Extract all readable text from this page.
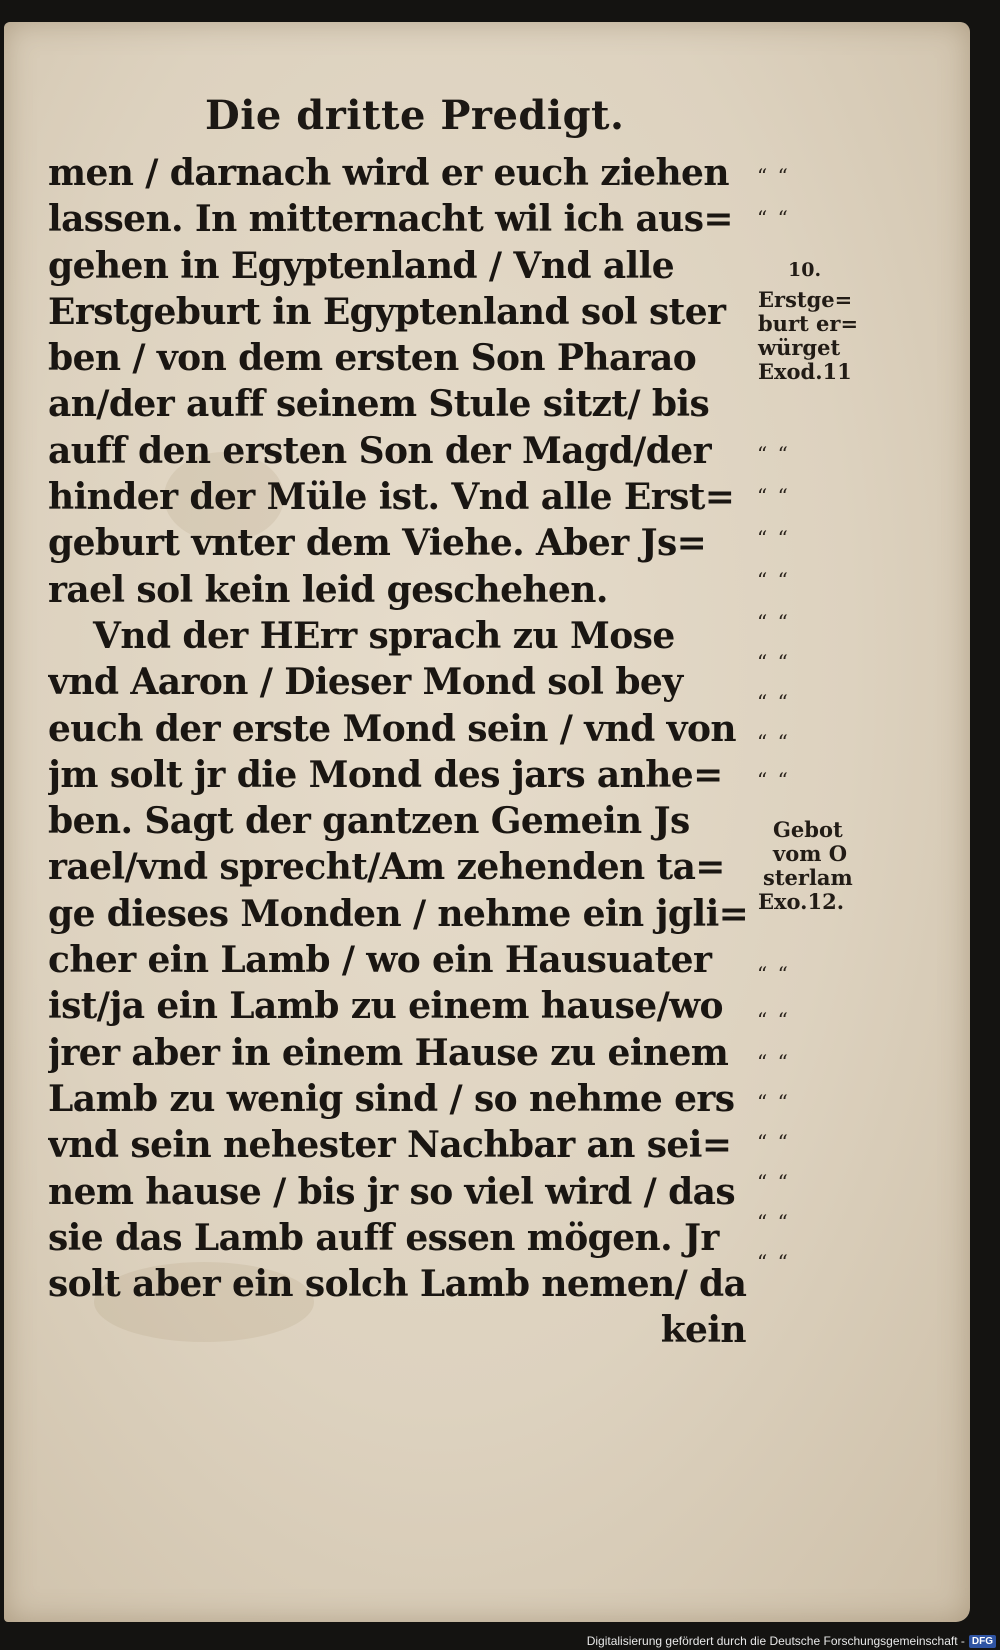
Die dritte Predigt.
men / darnach wird er euch ziehen
lassen. In mitternacht wil ich aus=
gehen in Egyptenland / Vnd alle
Erstgeburt in Egyptenland sol ster
ben / von dem ersten Son Pharao
an/der auff seinem Stule sitzt/ bis
auff den ersten Son der Magd/der
hinder der Müle ist. Vnd alle Erst=
geburt vnter dem Viehe. Aber Js=
rael sol kein leid geschehen.
Vnd der HErr sprach zu Mose
vnd Aaron / Dieser Mond sol bey
euch der erste Mond sein / vnd von
jm solt jr die Mond des jars anhe=
ben. Sagt der gantzen Gemein Js
rael/vnd sprecht/Am zehenden ta=
ge dieses Monden / nehme ein jgli=
cher ein Lamb / wo ein Hausuater
ist/ja ein Lamb zu einem hause/wo
jrer aber in einem Hause zu einem
Lamb zu wenig sind / so nehme ers
vnd sein nehester Nachbar an sei=
nem hause / bis jr so viel wird / das
sie das Lamb auff essen mögen. Jr
solt aber ein solch Lamb nemen/ da
kein
10.
Erstge=
burt er=
würget
Exod.11
Gebot
vom O
sterlam
Exo.12.
“ “
“ “
“ “
“ “
“ “
“ “
“ “
“ “
“ “
“ “
“ “
“ “
“ “
“ “
“ “
“ “
“ “
“ “
“ “
Digitalisierung gefördert durch die Deutsche Forschungsgemeinschaft - DFG
